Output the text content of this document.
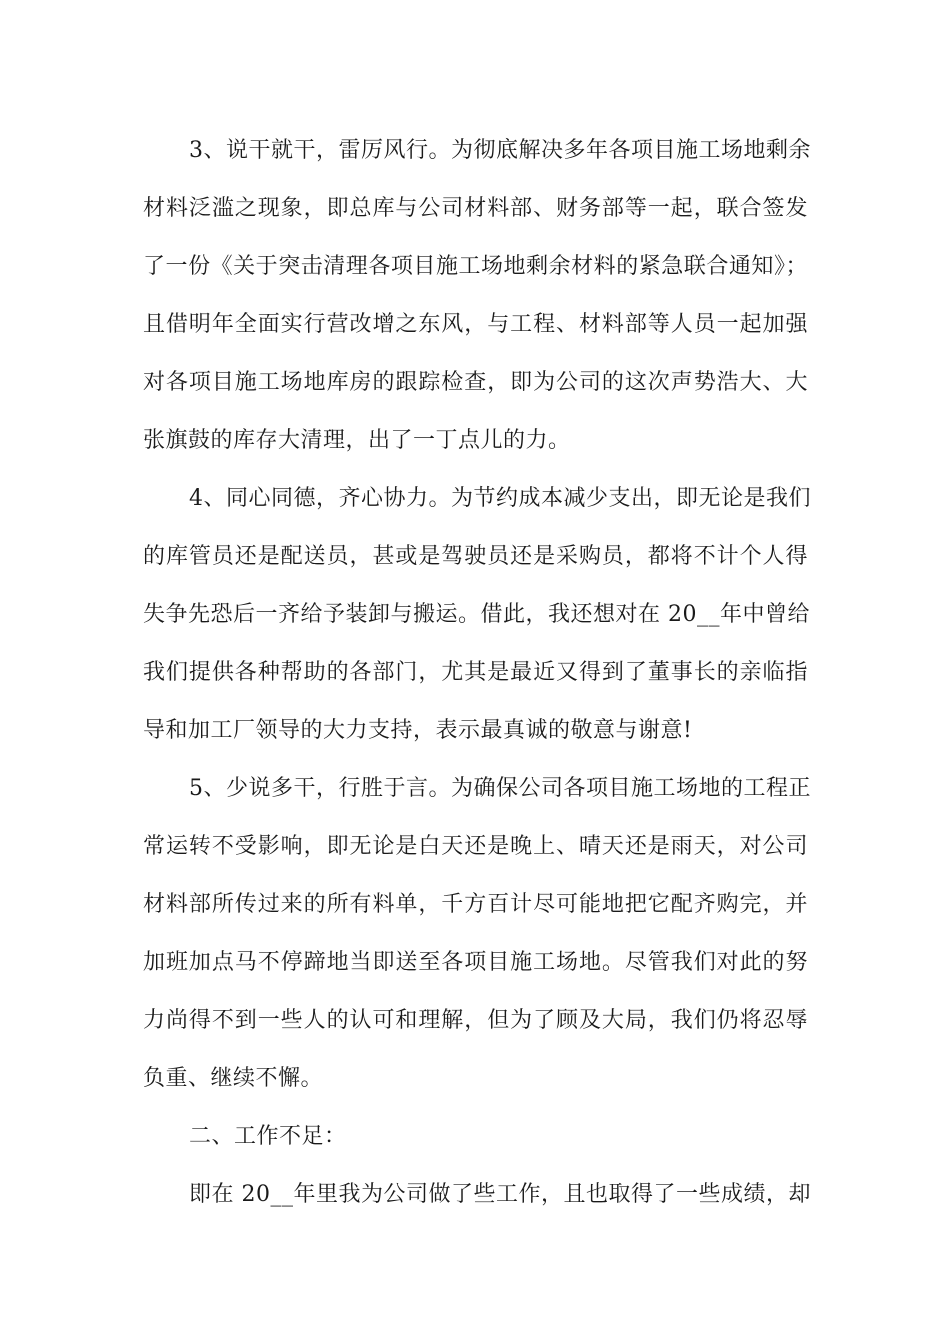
3、说干就干，雷厉风行。为彻底解决多年各项目施工场地剩余
材料泛滥之现象，即总库与公司材料部、财务部等一起，联合签发
了一份《关于突击清理各项目施工场地剩余材料的紧急联合通知》；
且借明年全面实行营改增之东风，与工程、材料部等人员一起加强
对各项目施工场地库房的跟踪检查，即为公司的这次声势浩大、大
张旗鼓的库存大清理，出了一丁点儿的力。
4、同心同德，齐心协力。为节约成本减少支出，即无论是我们
的库管员还是配送员，甚或是驾驶员还是采购员，都将不计个人得
失争先恐后一齐给予装卸与搬运。借此，我还想对在 20__年中曾给
我们提供各种帮助的各部门，尤其是最近又得到了董事长的亲临指
导和加工厂领导的大力支持，表示最真诚的敬意与谢意!
5、少说多干，行胜于言。为确保公司各项目施工场地的工程正
常运转不受影响，即无论是白天还是晚上、晴天还是雨天，对公司
材料部所传过来的所有料单，千方百计尽可能地把它配齐购完，并
加班加点马不停蹄地当即送至各项目施工场地。尽管我们对此的努
力尚得不到一些人的认可和理解，但为了顾及大局，我们仍将忍辱
负重、继续不懈。
二、工作不足：
即在 20__年里我为公司做了些工作，且也取得了一些成绩，却
